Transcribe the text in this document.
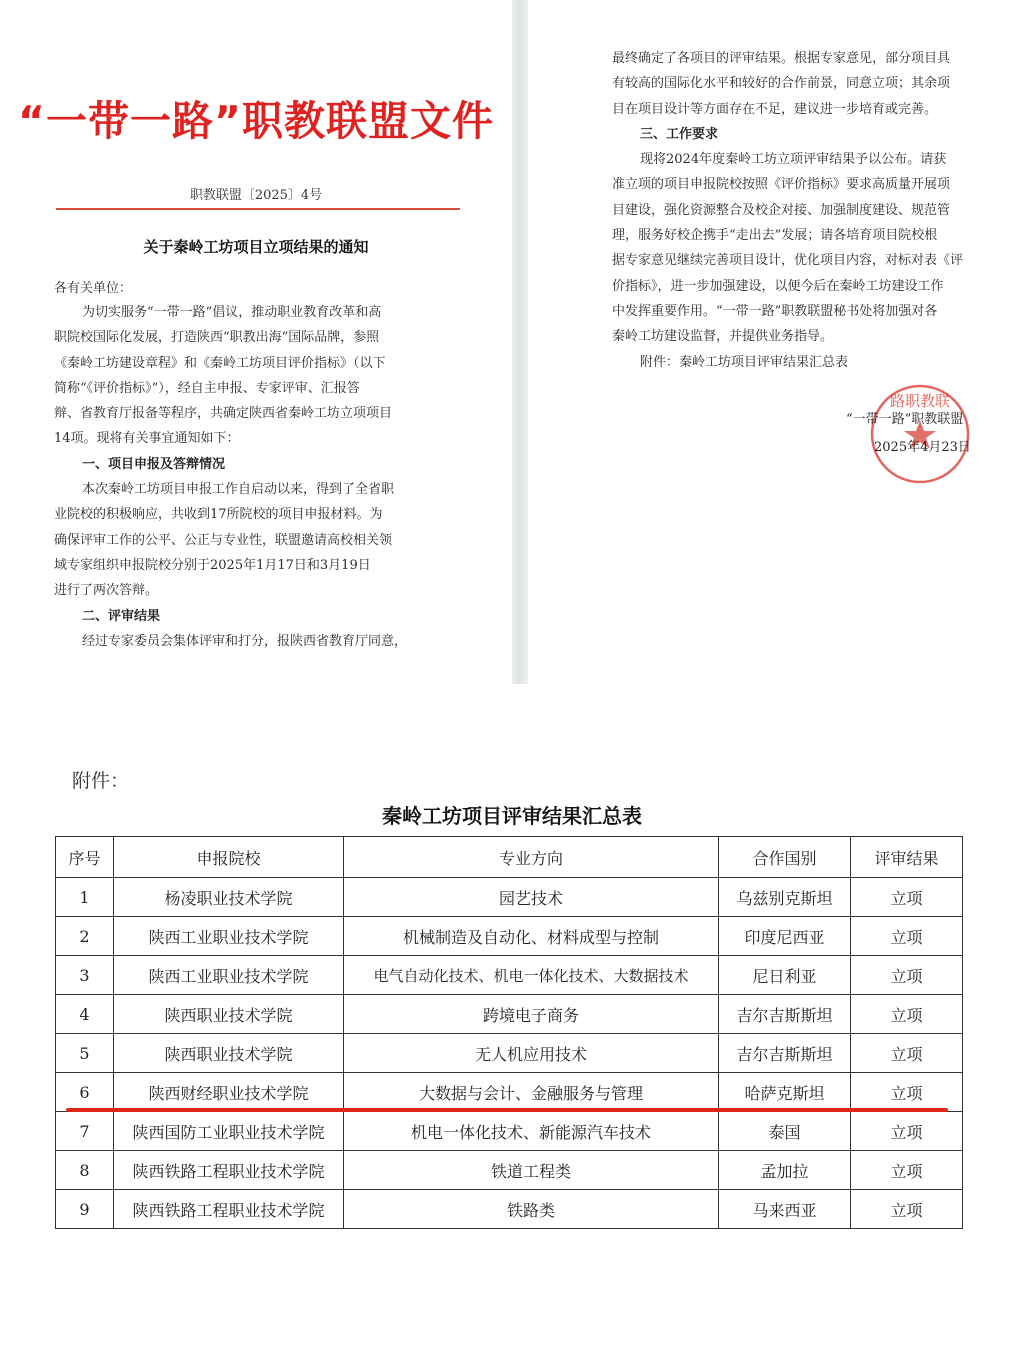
“一带一路”职教联盟文件
职教联盟〔2025〕4号
关于秦岭工坊项目立项结果的通知
各有关单位：
为切实服务“一带一路”倡议，推动职业教育改革和高
职院校国际化发展，打造陕西“职教出海”国际品牌，参照
《秦岭工坊建设章程》和《秦岭工坊项目评价指标》（以下
简称“《评价指标》”），经自主申报、专家评审、汇报答
辩、省教育厅报备等程序，共确定陕西省秦岭工坊立项项目
14项。现将有关事宜通知如下：
一、项目申报及答辩情况
本次秦岭工坊项目申报工作自启动以来，得到了全省职
业院校的积极响应，共收到17所院校的项目申报材料。为
确保评审工作的公平、公正与专业性，联盟邀请高校相关领
域专家组织申报院校分别于2025年1月17日和3月19日
进行了两次答辩。
二、评审结果
经过专家委员会集体评审和打分，报陕西省教育厅同意，
最终确定了各项目的评审结果。根据专家意见，部分项目具
有较高的国际化水平和较好的合作前景，同意立项；其余项
目在项目设计等方面存在不足，建议进一步培育或完善。
三、工作要求
现将2024年度秦岭工坊立项评审结果予以公布。请获
准立项的项目申报院校按照《评价指标》要求高质量开展项
目建设，强化资源整合及校企对接、加强制度建设、规范管
理，服务好校企携手“走出去”发展；请各培育项目院校根
据专家意见继续完善项目设计，优化项目内容，对标对表《评
价指标》，进一步加强建设，以便今后在秦岭工坊建设工作
中发挥重要作用。“一带一路”职教联盟秘书处将加强对各
秦岭工坊建设监督，并提供业务指导。
附件：秦岭工坊项目评审结果汇总表
路职教联
“一带一路”职教联盟
2025年4月23日
附件：
秦岭工坊项目评审结果汇总表
序号	申报院校	专业方向	合作国别	评审结果
1	杨凌职业技术学院	园艺技术	乌兹别克斯坦	立项
2	陕西工业职业技术学院	机械制造及自动化、材料成型与控制	印度尼西亚	立项
3	陕西工业职业技术学院	电气自动化技术、机电一体化技术、大数据技术	尼日利亚	立项
4	陕西职业技术学院	跨境电子商务	吉尔吉斯斯坦	立项
5	陕西职业技术学院	无人机应用技术	吉尔吉斯斯坦	立项
6	陕西财经职业技术学院	大数据与会计、金融服务与管理	哈萨克斯坦	立项
7	陕西国防工业职业技术学院	机电一体化技术、新能源汽车技术	泰国	立项
8	陕西铁路工程职业技术学院	铁道工程类	孟加拉	立项
9	陕西铁路工程职业技术学院	铁路类	马来西亚	立项
